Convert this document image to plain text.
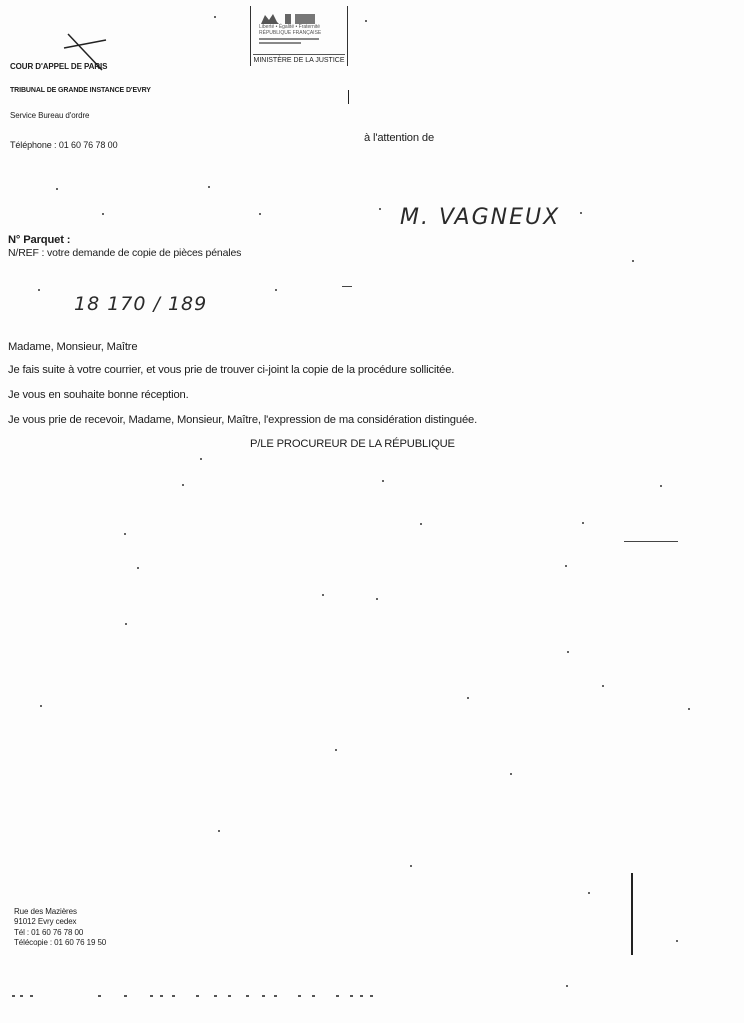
Liberté • Égalité • Fraternité
RÉPUBLIQUE FRANÇAISE
MINISTÈRE DE LA JUSTICE
COUR D'APPEL DE PARIS
TRIBUNAL DE GRANDE INSTANCE D'EVRY
Service Bureau d'ordre
Téléphone : 01 60 76 78 00
à l'attention de
M. VAGNEUX
N° Parquet :
N/REF : votre demande de copie de pièces pénales
18 170 / 189
Madame, Monsieur, Maître
Je fais suite à votre courrier, et vous prie de trouver ci-joint la copie de la procédure sollicitée.
Je vous en souhaite bonne réception.
Je vous prie de recevoir, Madame, Monsieur, Maître, l'expression de ma considération distinguée.
P/LE PROCUREUR DE LA RÉPUBLIQUE
Rue des Mazières
91012 Evry cedex
Tél : 01 60 76 78 00
Télécopie : 01 60 76 19 50
